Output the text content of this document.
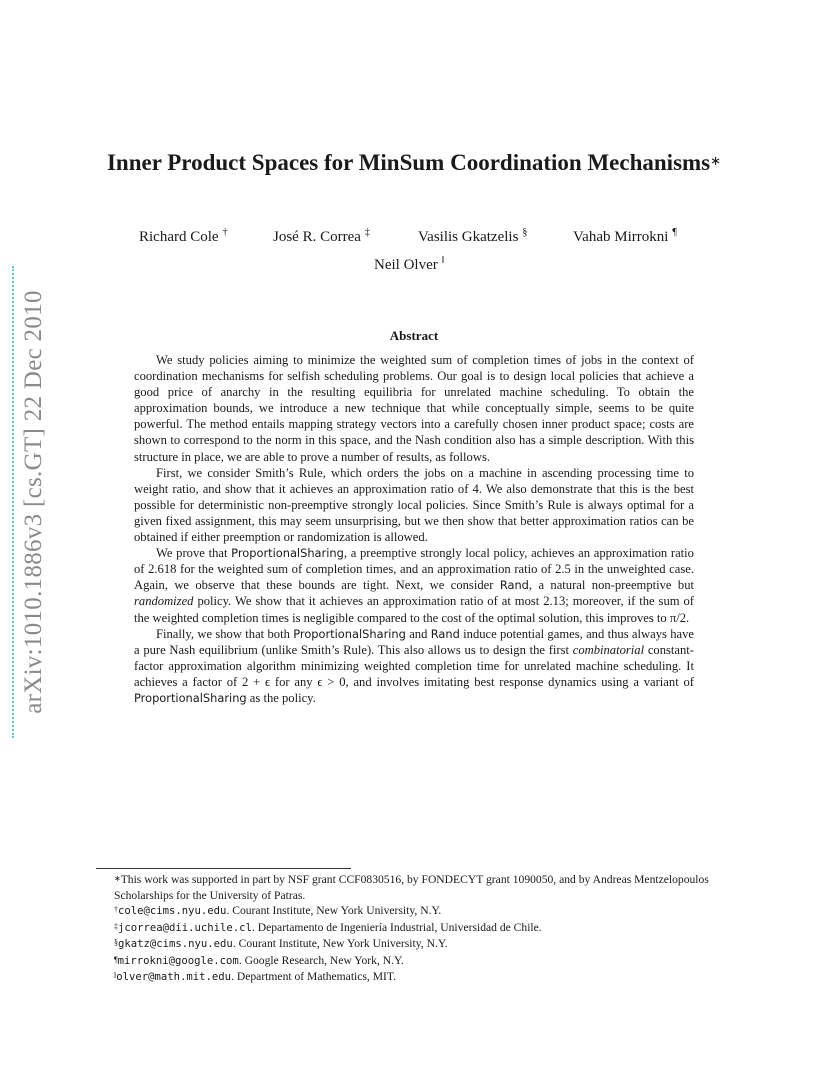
arXiv:1010.1886v3 [cs.GT] 22 Dec 2010
Inner Product Spaces for MinSum Coordination Mechanisms∗
Richard Cole †	José R. Correa ‡	Vasilis Gkatzelis §	Vahab Mirrokni ¶
Neil Olver ‖
Abstract

We study policies aiming to minimize the weighted sum of completion times of jobs in the context of coordination mechanisms for selfish scheduling problems. Our goal is to design local policies that achieve a good price of anarchy in the resulting equilibria for unrelated machine scheduling. To obtain the approximation bounds, we introduce a new technique that while conceptually simple, seems to be quite powerful. The method entails mapping strategy vectors into a carefully chosen inner product space; costs are shown to correspond to the norm in this space, and the Nash condition also has a simple description. With this structure in place, we are able to prove a number of results, as follows.

First, we consider Smith’s Rule, which orders the jobs on a machine in ascending processing time to weight ratio, and show that it achieves an approximation ratio of 4. We also demonstrate that this is the best possible for deterministic non-preemptive strongly local policies. Since Smith’s Rule is always optimal for a given fixed assignment, this may seem unsurprising, but we then show that better approximation ratios can be obtained if either preemption or randomization is allowed.

We prove that ProportionalSharing, a preemptive strongly local policy, achieves an approximation ratio of 2.618 for the weighted sum of completion times, and an approximation ratio of 2.5 in the unweighted case. Again, we observe that these bounds are tight. Next, we consider Rand, a natural non-preemptive but randomized policy. We show that it achieves an approximation ratio of at most 2.13; moreover, if the sum of the weighted completion times is negligible compared to the cost of the optimal solution, this improves to π/2.

Finally, we show that both ProportionalSharing and Rand induce potential games, and thus always have a pure Nash equilibrium (unlike Smith’s Rule). This also allows us to design the first combinatorial constant-factor approximation algorithm minimizing weighted completion time for unrelated machine scheduling. It achieves a factor of 2 + ϵ for any ϵ > 0, and involves imitating best response dynamics using a variant of ProportionalSharing as the policy.

∗This work was supported in part by NSF grant CCF0830516, by FONDECYT grant 1090050, and by Andreas Mentzelopoulos Scholarships for the University of Patras.

†cole@cims.nyu.edu. Courant Institute, New York University, N.Y.

‡jcorrea@dii.uchile.cl. Departamento de Ingeniería Industrial, Universidad de Chile.

§gkatz@cims.nyu.edu. Courant Institute, New York University, N.Y.

¶mirrokni@google.com. Google Research, New York, N.Y.

‖olver@math.mit.edu. Department of Mathematics, MIT.
